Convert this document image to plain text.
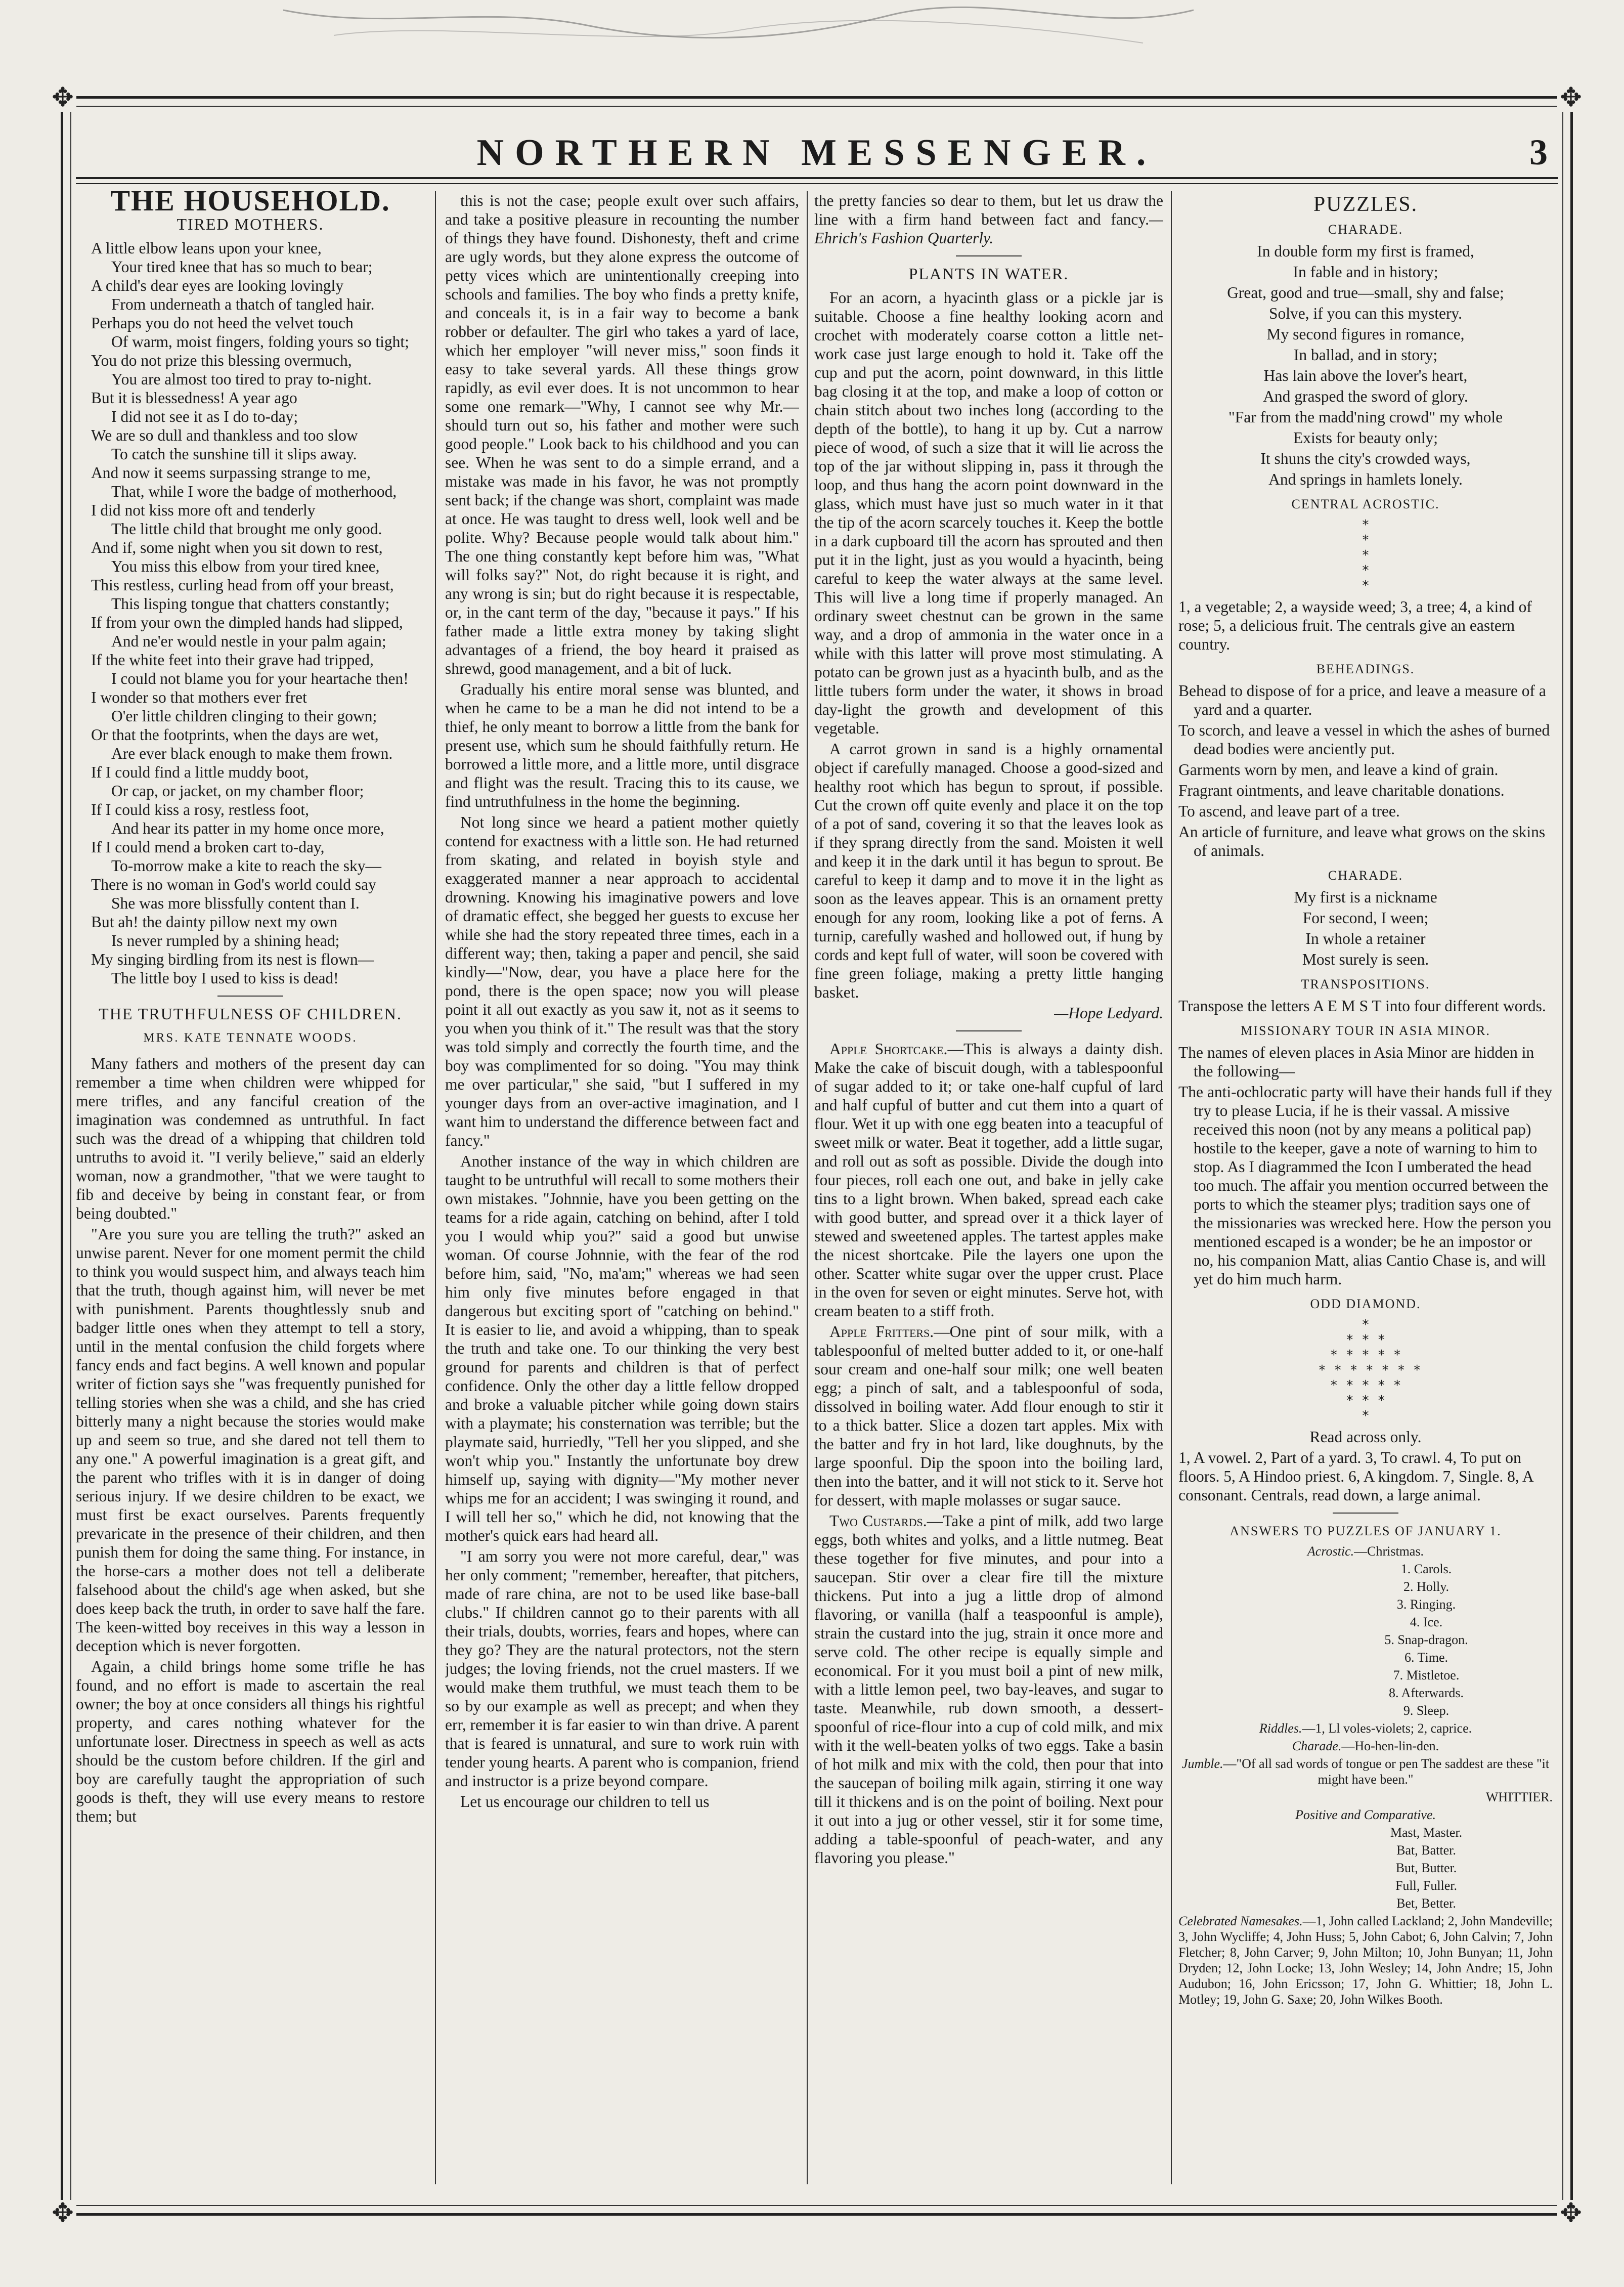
✥	✥
✥	✥
NORTHERN MESSENGER.	3
THE HOUSEHOLD.
TIRED MOTHERS.

A little elbow leans upon your knee,

Your tired knee that has so much to bear;

A child's dear eyes are looking lovingly

From underneath a thatch of tangled hair.

Perhaps you do not heed the velvet touch

Of warm, moist fingers, folding yours so tight;

You do not prize this blessing overmuch,

You are almost too tired to pray to-night.

But it is blessedness! A year ago

I did not see it as I do to-day;

We are so dull and thankless and too slow

To catch the sunshine till it slips away.

And now it seems surpassing strange to me,

That, while I wore the badge of motherhood,

I did not kiss more oft and tenderly

The little child that brought me only good.

And if, some night when you sit down to rest,

You miss this elbow from your tired knee,

This restless, curling head from off your breast,

This lisping tongue that chatters constantly;

If from your own the dimpled hands had slipped,

And ne'er would nestle in your palm again;

If the white feet into their grave had tripped,

I could not blame you for your heartache then!

I wonder so that mothers ever fret

O'er little children clinging to their gown;

Or that the footprints, when the days are wet,

Are ever black enough to make them frown.

If I could find a little muddy boot,

Or cap, or jacket, on my chamber floor;

If I could kiss a rosy, restless foot,

And hear its patter in my home once more,

If I could mend a broken cart to-day,

To-morrow make a kite to reach the sky—

There is no woman in God's world could say

She was more blissfully content than I.

But ah! the dainty pillow next my own

Is never rumpled by a shining head;

My singing birdling from its nest is flown—

The little boy I used to kiss is dead!

THE TRUTHFULNESS OF CHILDREN.
MRS. KATE TENNATE WOODS.

Many fathers and mothers of the present day can remember a time when children were whipped for mere trifles, and any fanciful creation of the imagination was condemned as untruthful. In fact such was the dread of a whipping that children told untruths to avoid it. "I verily believe," said an elderly woman, now a grandmother, "that we were taught to fib and deceive by being in constant fear, or from being doubted."

"Are you sure you are telling the truth?" asked an unwise parent. Never for one moment permit the child to think you would suspect him, and always teach him that the truth, though against him, will never be met with punishment. Parents thoughtlessly snub and badger little ones when they attempt to tell a story, until in the mental confusion the child forgets where fancy ends and fact begins. A well known and popular writer of fiction says she "was frequently punished for telling stories when she was a child, and she has cried bitterly many a night because the stories would make up and seem so true, and she dared not tell them to any one." A powerful imagination is a great gift, and the parent who trifles with it is in danger of doing serious injury. If we desire children to be exact, we must first be exact ourselves. Parents frequently prevaricate in the presence of their children, and then punish them for doing the same thing. For instance, in the horse-cars a mother does not tell a deliberate falsehood about the child's age when asked, but she does keep back the truth, in order to save half the fare. The keen-witted boy receives in this way a lesson in deception which is never forgotten.

Again, a child brings home some trifle he has found, and no effort is made to ascertain the real owner; the boy at once considers all things his rightful property, and cares nothing whatever for the unfortunate loser. Directness in speech as well as acts should be the custom before children. If the girl and boy are carefully taught the appropriation of such goods is theft, they will use every means to restore them; but

this is not the case; people exult over such affairs, and take a positive pleasure in recounting the number of things they have found. Dishonesty, theft and crime are ugly words, but they alone express the outcome of petty vices which are unintentionally creeping into schools and families. The boy who finds a pretty knife, and conceals it, is in a fair way to become a bank robber or defaulter. The girl who takes a yard of lace, which her employer "will never miss," soon finds it easy to take several yards. All these things grow rapidly, as evil ever does. It is not uncommon to hear some one remark—"Why, I cannot see why Mr.— should turn out so, his father and mother were such good people." Look back to his childhood and you can see. When he was sent to do a simple errand, and a mistake was made in his favor, he was not promptly sent back; if the change was short, complaint was made at once. He was taught to dress well, look well and be polite. Why? Because people would talk about him." The one thing constantly kept before him was, "What will folks say?" Not, do right because it is right, and any wrong is sin; but do right because it is respectable, or, in the cant term of the day, "because it pays." If his father made a little extra money by taking slight advantages of a friend, the boy heard it praised as shrewd, good management, and a bit of luck.

Gradually his entire moral sense was blunted, and when he came to be a man he did not intend to be a thief, he only meant to borrow a little from the bank for present use, which sum he should faithfully return. He borrowed a little more, and a little more, until disgrace and flight was the result. Tracing this to its cause, we find untruthfulness in the home the beginning.

Not long since we heard a patient mother quietly contend for exactness with a little son. He had returned from skating, and related in boyish style and exaggerated manner a near approach to accidental drowning. Knowing his imaginative powers and love of dramatic effect, she begged her guests to excuse her while she had the story repeated three times, each in a different way; then, taking a paper and pencil, she said kindly—"Now, dear, you have a place here for the pond, there is the open space; now you will please point it all out exactly as you saw it, not as it seems to you when you think of it." The result was that the story was told simply and correctly the fourth time, and the boy was complimented for so doing. "You may think me over particular," she said, "but I suffered in my younger days from an over-active imagination, and I want him to understand the difference between fact and fancy."

Another instance of the way in which children are taught to be untruthful will recall to some mothers their own mistakes. "Johnnie, have you been getting on the teams for a ride again, catching on behind, after I told you I would whip you?" said a good but unwise woman. Of course Johnnie, with the fear of the rod before him, said, "No, ma'am;" whereas we had seen him only five minutes before engaged in that dangerous but exciting sport of "catching on behind." It is easier to lie, and avoid a whipping, than to speak the truth and take one. To our thinking the very best ground for parents and children is that of perfect confidence. Only the other day a little fellow dropped and broke a valuable pitcher while going down stairs with a playmate; his consternation was terrible; but the playmate said, hurriedly, "Tell her you slipped, and she won't whip you." Instantly the unfortunate boy drew himself up, saying with dignity—"My mother never whips me for an accident; I was swinging it round, and I will tell her so," which he did, not knowing that the mother's quick ears had heard all.

"I am sorry you were not more careful, dear," was her only comment; "remember, hereafter, that pitchers, made of rare china, are not to be used like base-ball clubs." If children cannot go to their parents with all their trials, doubts, worries, fears and hopes, where can they go? They are the natural protectors, not the stern judges; the loving friends, not the cruel masters. If we would make them truthful, we must teach them to be so by our example as well as precept; and when they err, remember it is far easier to win than drive. A parent that is feared is unnatural, and sure to work ruin with tender young hearts. A parent who is companion, friend and instructor is a prize beyond compare.

Let us encourage our children to tell us

the pretty fancies so dear to them, but let us draw the line with a firm hand between fact and fancy.—Ehrich's Fashion Quarterly.

PLANTS IN WATER.

For an acorn, a hyacinth glass or a pickle jar is suitable. Choose a fine healthy looking acorn and crochet with moderately coarse cotton a little net-work case just large enough to hold it. Take off the cup and put the acorn, point downward, in this little bag closing it at the top, and make a loop of cotton or chain stitch about two inches long (according to the depth of the bottle), to hang it up by. Cut a narrow piece of wood, of such a size that it will lie across the top of the jar without slipping in, pass it through the loop, and thus hang the acorn point downward in the glass, which must have just so much water in it that the tip of the acorn scarcely touches it. Keep the bottle in a dark cupboard till the acorn has sprouted and then put it in the light, just as you would a hyacinth, being careful to keep the water always at the same level. This will live a long time if properly managed. An ordinary sweet chestnut can be grown in the same way, and a drop of ammonia in the water once in a while with this latter will prove most stimulating. A potato can be grown just as a hyacinth bulb, and as the little tubers form under the water, it shows in broad day-light the growth and development of this vegetable.

A carrot grown in sand is a highly ornamental object if carefully managed. Choose a good-sized and healthy root which has begun to sprout, if possible. Cut the crown off quite evenly and place it on the top of a pot of sand, covering it so that the leaves look as if they sprang directly from the sand. Moisten it well and keep it in the dark until it has begun to sprout. Be careful to keep it damp and to move it in the light as soon as the leaves appear. This is an ornament pretty enough for any room, looking like a pot of ferns. A turnip, carefully washed and hollowed out, if hung by cords and kept full of water, will soon be covered with fine green foliage, making a pretty little hanging basket.

—Hope Ledyard.

Apple Shortcake.—This is always a dainty dish. Make the cake of biscuit dough, with a tablespoonful of sugar added to it; or take one-half cupful of lard and half cupful of butter and cut them into a quart of flour. Wet it up with one egg beaten into a teacupful of sweet milk or water. Beat it together, add a little sugar, and roll out as soft as possible. Divide the dough into four pieces, roll each one out, and bake in jelly cake tins to a light brown. When baked, spread each cake with good butter, and spread over it a thick layer of stewed and sweetened apples. The tartest apples make the nicest shortcake. Pile the layers one upon the other. Scatter white sugar over the upper crust. Place in the oven for seven or eight minutes. Serve hot, with cream beaten to a stiff froth.

Apple Fritters.—One pint of sour milk, with a tablespoonful of melted butter added to it, or one-half sour cream and one-half sour milk; one well beaten egg; a pinch of salt, and a tablespoonful of soda, dissolved in boiling water. Add flour enough to stir it to a thick batter. Slice a dozen tart apples. Mix with the batter and fry in hot lard, like doughnuts, by the large spoonful. Dip the spoon into the boiling lard, then into the batter, and it will not stick to it. Serve hot for dessert, with maple molasses or sugar sauce.

Two Custards.—Take a pint of milk, add two large eggs, both whites and yolks, and a little nutmeg. Beat these together for five minutes, and pour into a saucepan. Stir over a clear fire till the mixture thickens. Put into a jug a little drop of almond flavoring, or vanilla (half a teaspoonful is ample), strain the custard into the jug, strain it once more and serve cold. The other recipe is equally simple and economical. For it you must boil a pint of new milk, with a little lemon peel, two bay-leaves, and sugar to taste. Meanwhile, rub down smooth, a dessert-spoonful of rice-flour into a cup of cold milk, and mix with it the well-beaten yolks of two eggs. Take a basin of hot milk and mix with the cold, then pour that into the saucepan of boiling milk again, stirring it one way till it thickens and is on the point of boiling. Next pour it out into a jug or other vessel, stir it for some time, adding a table-spoonful of peach-water, and any flavoring you please."

PUZZLES.
CHARADE.

In double form my first is framed,

In fable and in history;

Great, good and true—small, shy and false;

Solve, if you can this mystery.

My second figures in romance,

In ballad, and in story;

Has lain above the lover's heart,

And grasped the sword of glory.

"Far from the madd'ning crowd" my whole

Exists for beauty only;

It shuns the city's crowded ways,

And springs in hamlets lonely.

CENTRAL ACROSTIC.
*
*
*
*
*

1, a vegetable; 2, a wayside weed; 3, a tree; 4, a kind of rose; 5, a delicious fruit. The centrals give an eastern country.

BEHEADINGS.

Behead to dispose of for a price, and leave a measure of a yard and a quarter.

To scorch, and leave a vessel in which the ashes of burned dead bodies were anciently put.

Garments worn by men, and leave a kind of grain.

Fragrant ointments, and leave charitable donations.

To ascend, and leave part of a tree.

An article of furniture, and leave what grows on the skins of animals.

CHARADE.

My first is a nickname

For second, I ween;

In whole a retainer

Most surely is seen.

TRANSPOSITIONS.

Transpose the letters A E M S T into four different words.

MISSIONARY TOUR IN ASIA MINOR.

The names of eleven places in Asia Minor are hidden in the following—

The anti-ochlocratic party will have their hands full if they try to please Lucia, if he is their vassal. A missive received this noon (not by any means a political pap) hostile to the keeper, gave a note of warning to him to stop. As I diagrammed the Icon I umberated the head too much. The affair you mention occurred between the ports to which the steamer plys; tradition says one of the missionaries was wrecked here. How the person you mentioned escaped is a wonder; be he an impostor or no, his companion Matt, alias Cantio Chase is, and will yet do him much harm.

ODD DIAMOND.
*
* * *
* * * * *
* * * * * * *
* * * * *
* * *
*

Read across only.

1, A vowel. 2, Part of a yard. 3, To crawl. 4, To put on floors. 5, A Hindoo priest. 6, A kingdom. 7, Single. 8, A consonant. Centrals, read down, a large animal.

ANSWERS TO PUZZLES OF JANUARY 1.

Acrostic.—Christmas.

1. Carols.

2. Holly.

3. Ringing.

4. Ice.

5. Snap-dragon.

6. Time.

7. Mistletoe.

8. Afterwards.

9. Sleep.

Riddles.—1, Ll voles-violets; 2, caprice.

Charade.—Ho-hen-lin-den.

Jumble.—"Of all sad words of tongue or pen The saddest are these "it might have been."

WHITTIER.

Positive and Comparative.

Mast, Master.

Bat, Batter.

But, Butter.

Full, Fuller.

Bet, Better.

Celebrated Namesakes.—1, John called Lackland; 2, John Mandeville; 3, John Wycliffe; 4, John Huss; 5, John Cabot; 6, John Calvin; 7, John Fletcher; 8, John Carver; 9, John Milton; 10, John Bunyan; 11, John Dryden; 12, John Locke; 13, John Wesley; 14, John Andre; 15, John Audubon; 16, John Ericsson; 17, John G. Whittier; 18, John L. Motley; 19, John G. Saxe; 20, John Wilkes Booth.
